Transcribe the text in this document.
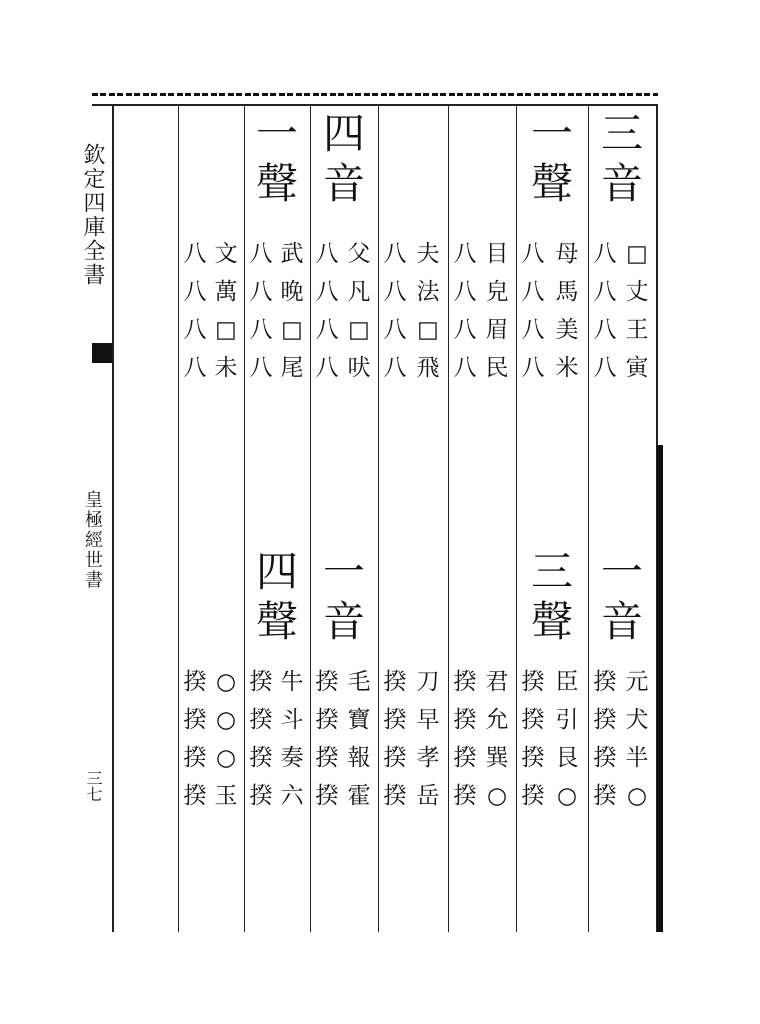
欽定四庫全書
皇極經世書
三七
三
音
□
八
丈
八
王
八
寅
八
一
聲
母
八
馬
八
美
八
米
八
目
八
皃
八
眉
八
民
八
夫
八
法
八
□
八
飛
八
四
音
父
八
凡
八
□
八
吠
八
一
聲
武
八
晚
八
□
八
尾
八
文
八
萬
八
□
八
未
八
一
音
元
揆
犬
揆
半
揆
○
揆
三
聲
臣
揆
引
揆
艮
揆
○
揆
君
揆
允
揆
巽
揆
○
揆
刀
揆
早
揆
孝
揆
岳
揆
一
音
毛
揆
寶
揆
報
揆
霍
揆
四
聲
牛
揆
斗
揆
奏
揆
六
揆
○
揆
○
揆
○
揆
玉
揆
